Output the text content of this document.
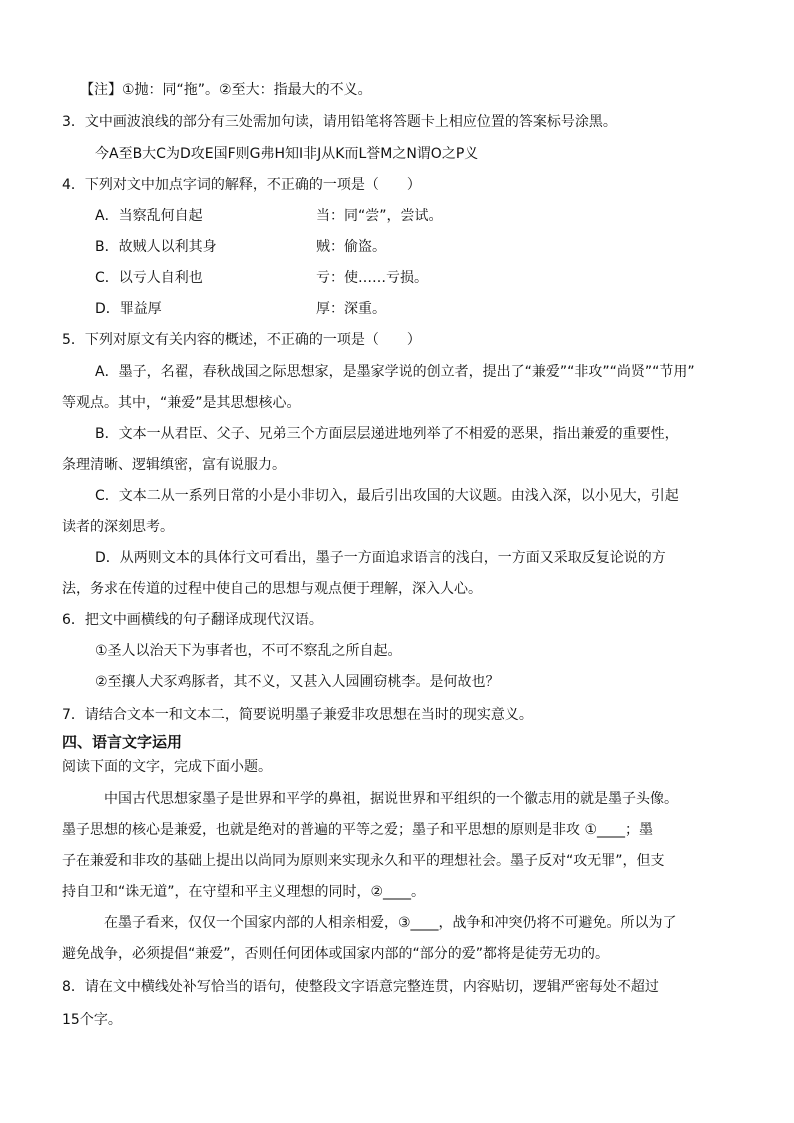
【注】①抛：同“拖”。②至大：指最大的不义。
3．文中画波浪线的部分有三处需加句读，请用铅笔将答题卡上相应位置的答案标号涂黑。
今A至B大C为D攻E国F则G弗H知I非J从K而L誉M之N谓O之P义
4．下列对文中加点字词的解释，不正确的一项是（　　）
A．当察乱何自起	当：同“尝”，尝试。
B．故贼人以利其身	贼：偷盗。
C．以亏人自利也	亏：使……亏损。
D．罪益厚	厚：深重。
5．下列对原文有关内容的概述，不正确的一项是（　　）
A．墨子，名翟，春秋战国之际思想家，是墨家学说的创立者，提出了“兼爱”“非攻”“尚贤”“节用”
等观点。其中，“兼爱”是其思想核心。
B．文本一从君臣、父子、兄弟三个方面层层递进地列举了不相爱的恶果，指出兼爱的重要性，
条理清晰、逻辑缜密，富有说服力。
C．文本二从一系列日常的小是小非切入，最后引出攻国的大议题。由浅入深，以小见大，引起
读者的深刻思考。
D．从两则文本的具体行文可看出，墨子一方面追求语言的浅白，一方面又采取反复论说的方
法，务求在传道的过程中使自己的思想与观点便于理解，深入人心。
6．把文中画横线的句子翻译成现代汉语。
①圣人以治天下为事者也，不可不察乱之所自起。
②至攘人犬豕鸡豚者，其不义，又甚入人园圃窃桃李。是何故也？
7．请结合文本一和文本二，简要说明墨子兼爱非攻思想在当时的现实意义。
四、语言文字运用
阅读下面的文字，完成下面小题。
中国古代思想家墨子是世界和平学的鼻祖，据说世界和平组织的一个徽志用的就是墨子头像。
墨子思想的核心是兼爱，也就是绝对的普遍的平等之爱；墨子和平思想的原则是非攻 ①____；墨
子在兼爱和非攻的基础上提出以尚同为原则来实现永久和平的理想社会。墨子反对“攻无罪”，但支
持自卫和“诛无道”，在守望和平主义理想的同时，②____。
在墨子看来，仅仅一个国家内部的人相亲相爱，③____，战争和冲突仍将不可避免。所以为了
避免战争，必须提倡“兼爱”，否则任何团体或国家内部的“部分的爱”都将是徒劳无功的。
8．请在文中横线处补写恰当的语句，使整段文字语意完整连贯，内容贴切，逻辑严密每处不超过
15个字。
